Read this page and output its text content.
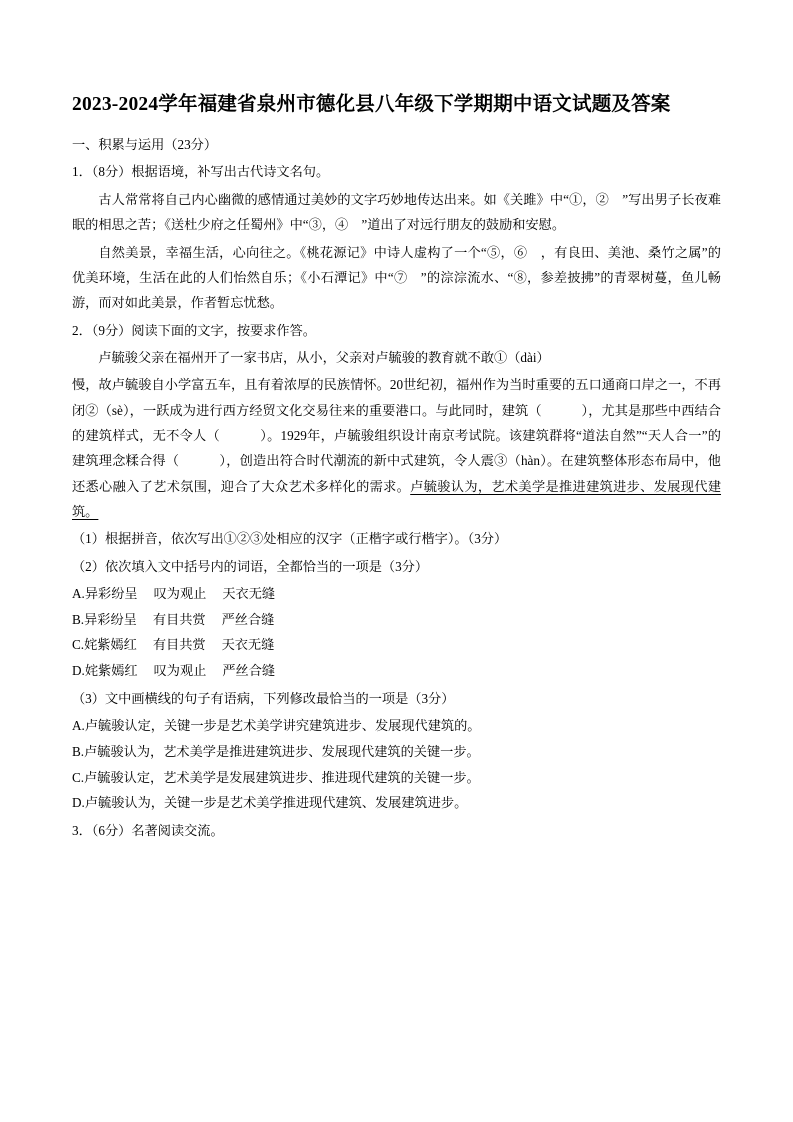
2023-2024学年福建省泉州市德化县八年级下学期期中语文试题及答案

一、积累与运用（23分）

1．（8分）根据语境，补写出古代诗文名句。

古人常常将自己内心幽微的感情通过美妙的文字巧妙地传达出来。如《关雎》中“①，②　”写出男子长夜难眠的相思之苦；《送杜少府之任蜀州》中“③，④　”道出了对远行朋友的鼓励和安慰。

自然美景，幸福生活，心向往之。《桃花源记》中诗人虚构了一个“⑤，⑥　，有良田、美池、桑竹之属”的优美环境，生活在此的人们怡然自乐；《小石潭记》中“⑦　”的淙淙流水、“⑧，参差披拂”的青翠树蔓，鱼儿畅游，而对如此美景，作者暂忘忧愁。

2．（9分）阅读下面的文字，按要求作答。

卢毓骏父亲在福州开了一家书店，从小，父亲对卢毓骏的教育就不敢①（dài）

慢，故卢毓骏自小学富五车，且有着浓厚的民族情怀。20世纪初，福州作为当时重要的五口通商口岸之一，不再闭②（sè），一跃成为进行西方经贸文化交易往来的重要港口。与此同时，建筑（　　　），尤其是那些中西结合的建筑样式，无不令人（　　　）。1929年，卢毓骏组织设计南京考试院。该建筑群将“道法自然”“天人合一”的建筑理念糅合得（　　　），创造出符合时代潮流的新中式建筑，令人震③（hàn）。在建筑整体形态布局中，他还悉心融入了艺术氛围，迎合了大众艺术多样化的需求。卢毓骏认为，艺术美学是推进建筑进步、发展现代建筑。

（1）根据拼音，依次写出①②③处相应的汉字（正楷字或行楷字）。（3分）

（2）依次填入文中括号内的词语，全都恰当的一项是（3分）

A.异彩纷呈 叹为观止 天衣无缝

B.异彩纷呈 有目共赏 严丝合缝

C.姹紫嫣红 有目共赏 天衣无缝

D.姹紫嫣红 叹为观止 严丝合缝

（3）文中画横线的句子有语病，下列修改最恰当的一项是（3分）

A.卢毓骏认定，关键一步是艺术美学讲究建筑进步、发展现代建筑的。

B.卢毓骏认为，艺术美学是推进建筑进步、发展现代建筑的关键一步。

C.卢毓骏认定，艺术美学是发展建筑进步、推进现代建筑的关键一步。

D.卢毓骏认为，关键一步是艺术美学推进现代建筑、发展建筑进步。

3．（6分）名著阅读交流。
